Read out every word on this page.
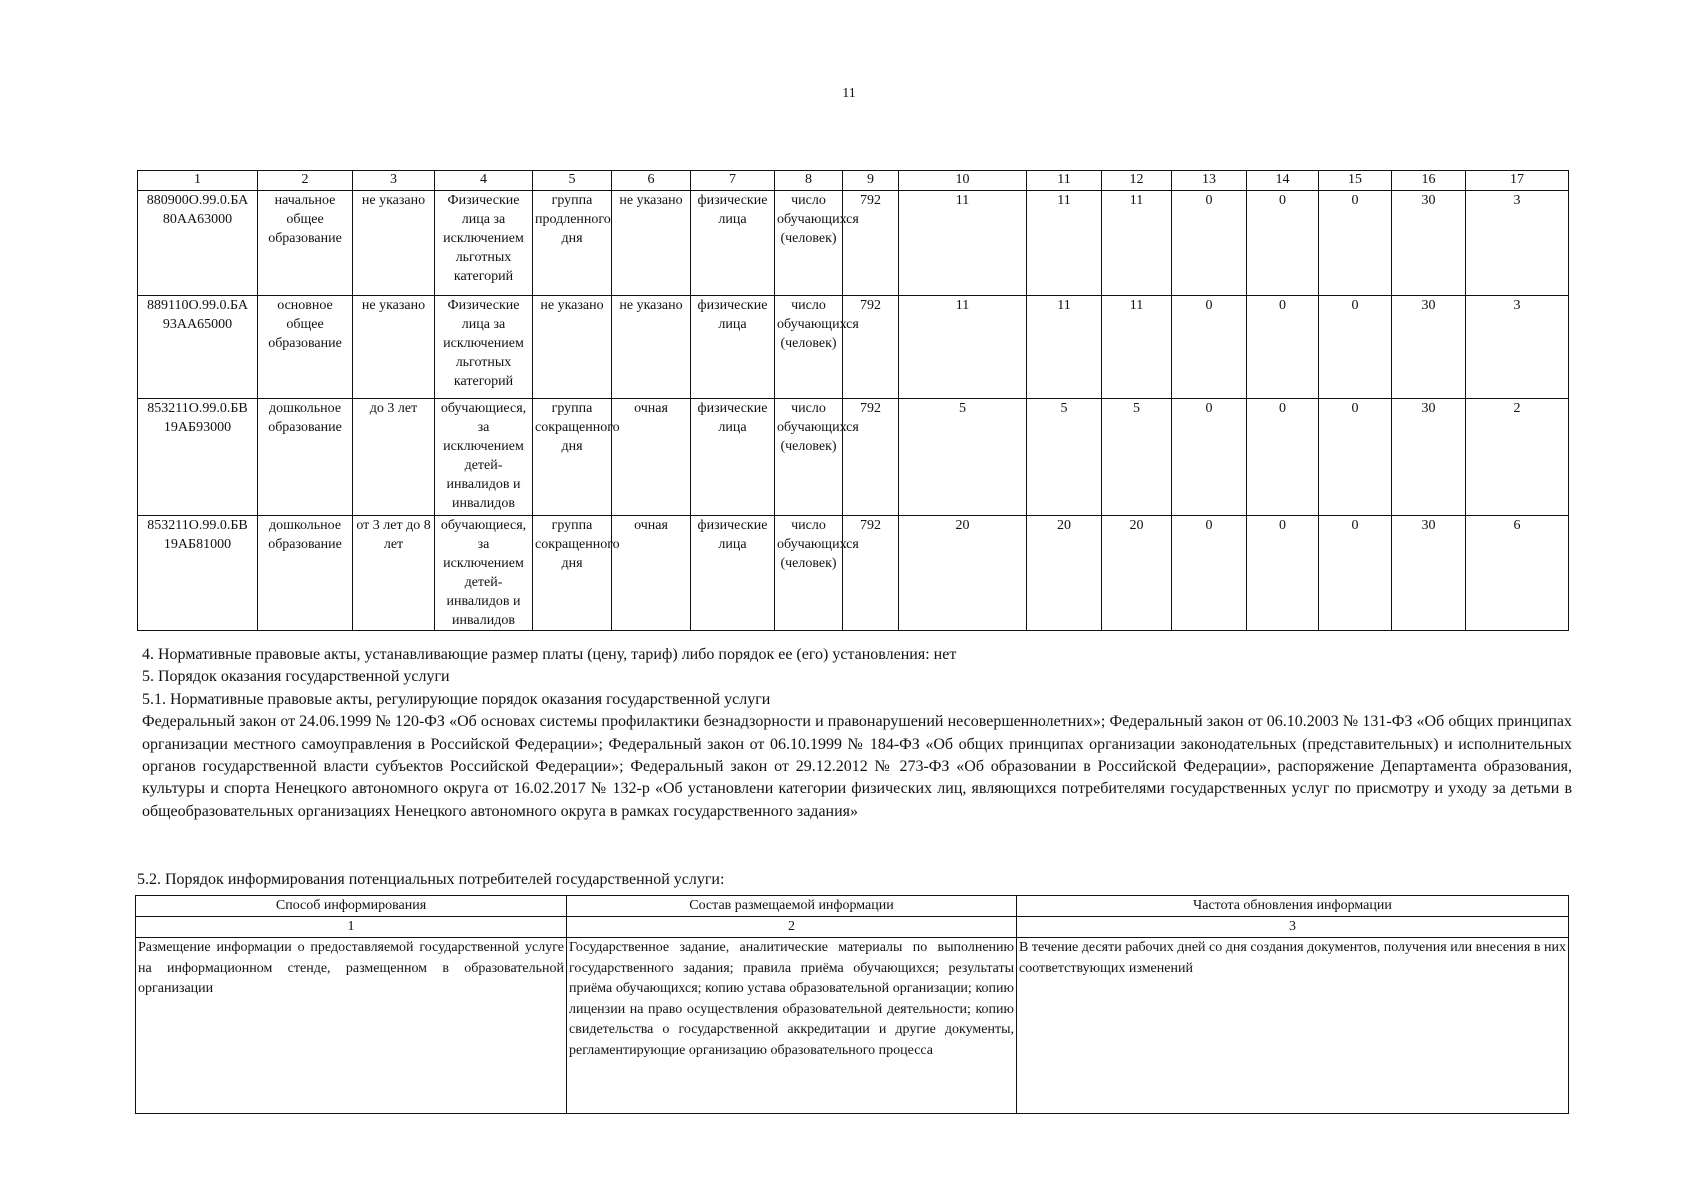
11
1	2	3	4	5	6	7	8	9	10	11	12	13	14	15	16	17
880900О.99.0.БА 80АА63000	начальное общее образование	не указано	Физические лица за исключением льготных категорий	группа продленного дня	не указано	физические лица	число обучающихся (человек)	792	11	11	11	0	0	0	30	3
889110О.99.0.БА 93АА65000	основное общее образование	не указано	Физические лица за исключением льготных категорий	не указано	не указано	физические лица	число обучающихся (человек)	792	11	11	11	0	0	0	30	3
853211О.99.0.БВ 19АБ93000	дошкольное образование	до 3 лет	обучающиеся, за исключением детей-инвалидов и инвалидов	группа сокращенного дня	очная	физические лица	число обучающихся (человек)	792	5	5	5	0	0	0	30	2
853211О.99.0.БВ 19АБ81000	дошкольное образование	от 3 лет до 8 лет	обучающиеся, за исключением детей-инвалидов и инвалидов	группа сокращенного дня	очная	физические лица	число обучающихся (человек)	792	20	20	20	0	0	0	30	6

4. Нормативные правовые акты, устанавливающие размер платы (цену, тариф) либо порядок ее (его) установления: нет

5. Порядок оказания государственной услуги

5.1. Нормативные правовые акты, регулирующие порядок оказания государственной услуги

Федеральный закон от 24.06.1999 № 120-ФЗ «Об основах системы профилактики безнадзорности и правонарушений несовершеннолетних»; Федеральный закон от 06.10.2003 № 131-ФЗ «Об общих принципах организации местного самоуправления в Российской Федерации»; Федеральный закон от 06.10.1999 № 184-ФЗ «Об общих принципах организации законодательных (представительных) и исполнительных органов государственной власти субъектов Российской Федерации»; Федеральный закон от 29.12.2012 № 273-ФЗ «Об образовании в Российской Федерации», распоряжение Департамента образования, культуры и спорта Ненецкого автономного округа от 16.02.2017 № 132-р «Об установлени категории физических лиц, являющихся потребителями государственных услуг по присмотру и уходу за детьми в общеобразовательных организациях Ненецкого автономного округа в рамках государственного задания»

5.2. Порядок информирования потенциальных потребителей государственной услуги:
Способ информирования	Состав размещаемой информации	Частота обновления информации
1	2	3
Размещение информации о предоставляемой государственной услуге на информационном стенде, размещенном в образовательной организации	Государственное задание, аналитические материалы по выполнению государственного задания; правила приёма обучающихся; результаты приёма обучающихся; копию устава образовательной организации; копию лицензии на право осуществления образовательной деятельности; копию свидетельства о государственной аккредитации и другие документы, регламентирующие организацию образовательного процесса	В течение десяти рабочих дней со дня создания документов, получения или внесения в них соответствующих изменений
